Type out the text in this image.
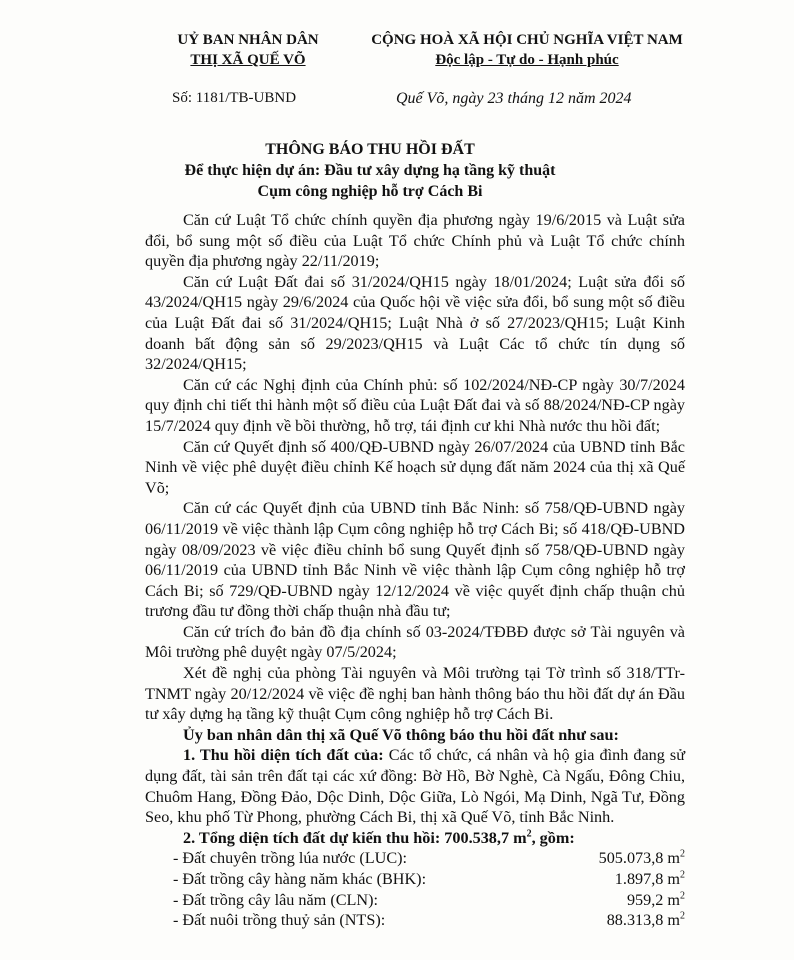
UỶ BAN NHÂN DÂN
THỊ XÃ QUẾ VÕ
CỘNG HOÀ XÃ HỘI CHỦ NGHĨA VIỆT NAM
Độc lập - Tự do - Hạnh phúc
Số: 1181/TB-UBND	Quế Võ, ngày 23 tháng 12 năm 2024
THÔNG BÁO THU HỒI ĐẤT
Để thực hiện dự án: Đầu tư xây dựng hạ tầng kỹ thuật
Cụm công nghiệp hỗ trợ Cách Bi

Căn cứ Luật Tổ chức chính quyền địa phương ngày 19/6/2015 và Luật sửa đổi, bổ sung một số điều của Luật Tổ chức Chính phủ và Luật Tổ chức chính quyền địa phương ngày 22/11/2019;

Căn cứ Luật Đất đai số 31/2024/QH15 ngày 18/01/2024; Luật sửa đổi số 43/2024/QH15 ngày 29/6/2024 của Quốc hội về việc sửa đổi, bổ sung một số điều của Luật Đất đai số 31/2024/QH15; Luật Nhà ở số 27/2023/QH15; Luật Kinh doanh bất động sản số 29/2023/QH15 và Luật Các tổ chức tín dụng số 32/2024/QH15;

Căn cứ các Nghị định của Chính phủ: số 102/2024/NĐ-CP ngày 30/7/2024 quy định chi tiết thi hành một số điều của Luật Đất đai và số 88/2024/NĐ-CP ngày 15/7/2024 quy định về bồi thường, hỗ trợ, tái định cư khi Nhà nước thu hồi đất;

Căn cứ Quyết định số 400/QĐ-UBND ngày 26/07/2024 của UBND tỉnh Bắc Ninh về việc phê duyệt điều chỉnh Kế hoạch sử dụng đất năm 2024 của thị xã Quế Võ;

Căn cứ các Quyết định của UBND tỉnh Bắc Ninh: số 758/QĐ-UBND ngày 06/11/2019 về việc thành lập Cụm công nghiệp hỗ trợ Cách Bi; số 418/QĐ-UBND ngày 08/09/2023 về việc điều chỉnh bổ sung Quyết định số 758/QĐ-UBND ngày 06/11/2019 của UBND tỉnh Bắc Ninh về việc thành lập Cụm công nghiệp hỗ trợ Cách Bi; số 729/QĐ-UBND ngày 12/12/2024 về việc quyết định chấp thuận chủ trương đầu tư đồng thời chấp thuận nhà đầu tư;

Căn cứ trích đo bản đồ địa chính số 03-2024/TĐBĐ được sở Tài nguyên và Môi trường phê duyệt ngày 07/5/2024;

Xét đề nghị của phòng Tài nguyên và Môi trường tại Tờ trình số 318/TTr-TNMT ngày 20/12/2024 về việc đề nghị ban hành thông báo thu hồi đất dự án Đầu tư xây dựng hạ tầng kỹ thuật Cụm công nghiệp hỗ trợ Cách Bi.

Ủy ban nhân dân thị xã Quế Võ thông báo thu hồi đất như sau:

1. Thu hồi diện tích đất của: Các tổ chức, cá nhân và hộ gia đình đang sử dụng đất, tài sản trên đất tại các xứ đồng: Bờ Hồ, Bờ Nghè, Cà Ngấu, Đông Chiu, Chuôm Hang, Đồng Đảo, Dộc Dinh, Dộc Giữa, Lò Ngói, Mạ Dinh, Ngã Tư, Đồng Seo, khu phố Từ Phong, phường Cách Bi, thị xã Quế Võ, tỉnh Bắc Ninh.

2. Tổng diện tích đất dự kiến thu hồi: 700.538,7 $m^2$, gồm:

- Đất chuyên trồng lúa nước (LUC):	505.073,8 $m^2$
- Đất trồng cây hàng năm khác (BHK):	1.897,8 $m^2$
- Đất trồng cây lâu năm (CLN):	959,2 $m^2$
- Đất nuôi trồng thuỷ sản (NTS):	88.313,8 $m^2$
